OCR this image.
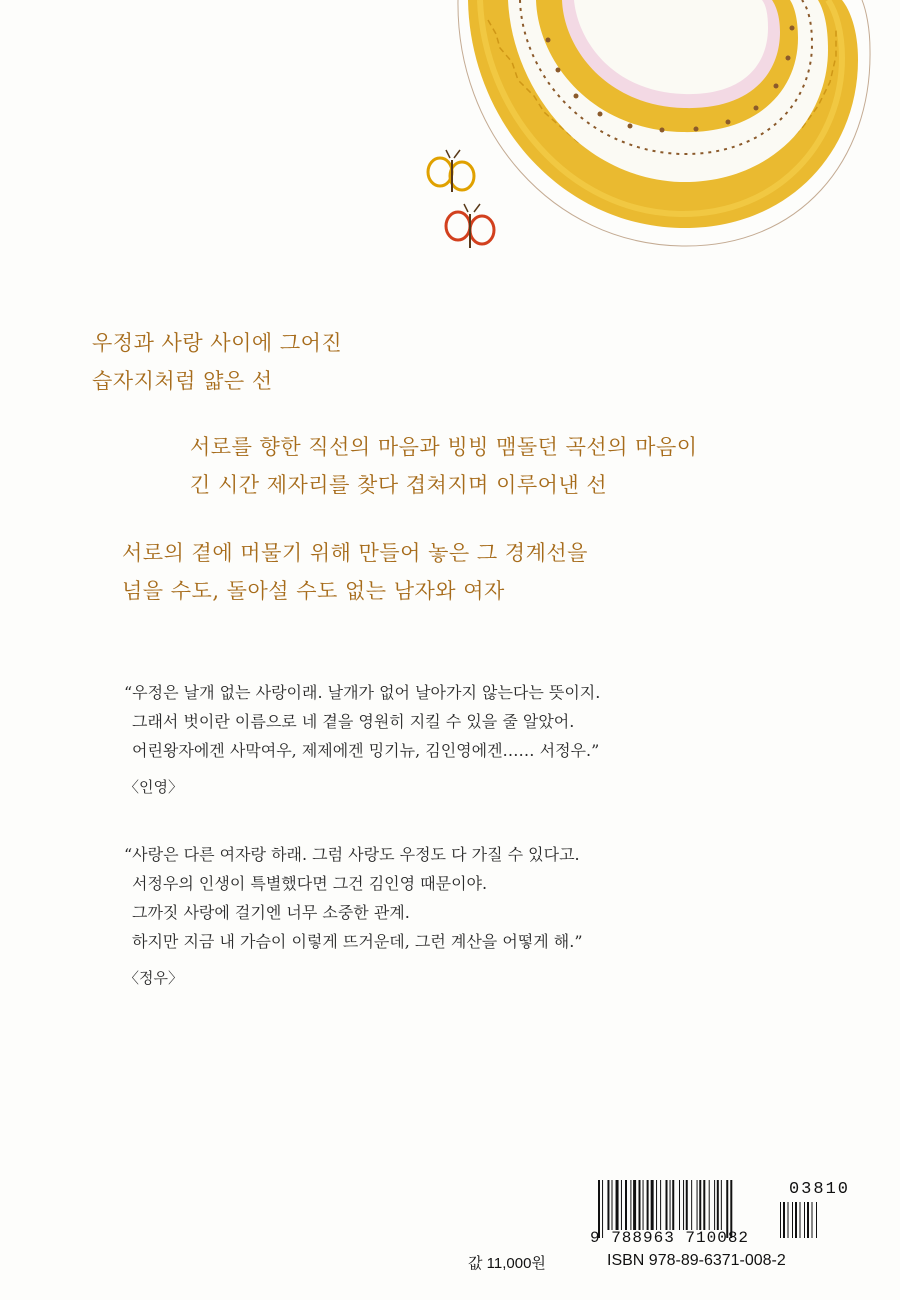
우정과 사랑 사이에 그어진
습자지처럼 얇은 선
서로를 향한 직선의 마음과 빙빙 맴돌던 곡선의 마음이
긴 시간 제자리를 찾다 겹쳐지며 이루어낸 선
서로의 곁에 머물기 위해 만들어 놓은 그 경계선을
넘을 수도, 돌아설 수도 없는 남자와 여자
“우정은 날개 없는 사랑이래. 날개가 없어 날아가지 않는다는 뜻이지.
그래서 벗이란 이름으로 네 곁을 영원히 지킬 수 있을 줄 알았어.
어린왕자에겐 사막여우, 제제에겐 밍기뉴, 김인영에겐…… 서정우.”
〈인영〉
“사랑은 다른 여자랑 하래. 그럼 사랑도 우정도 다 가질 수 있다고.
서정우의 인생이 특별했다면 그건 김인영 때문이야.
그까짓 사랑에 걸기엔 너무 소중한 관계.
하지만 지금 내 가슴이 이렇게 뜨거운데, 그런 계산을 어떻게 해.”
〈정우〉
03810
9 788963 710082
값 11,000원	ISBN 978-89-6371-008-2
